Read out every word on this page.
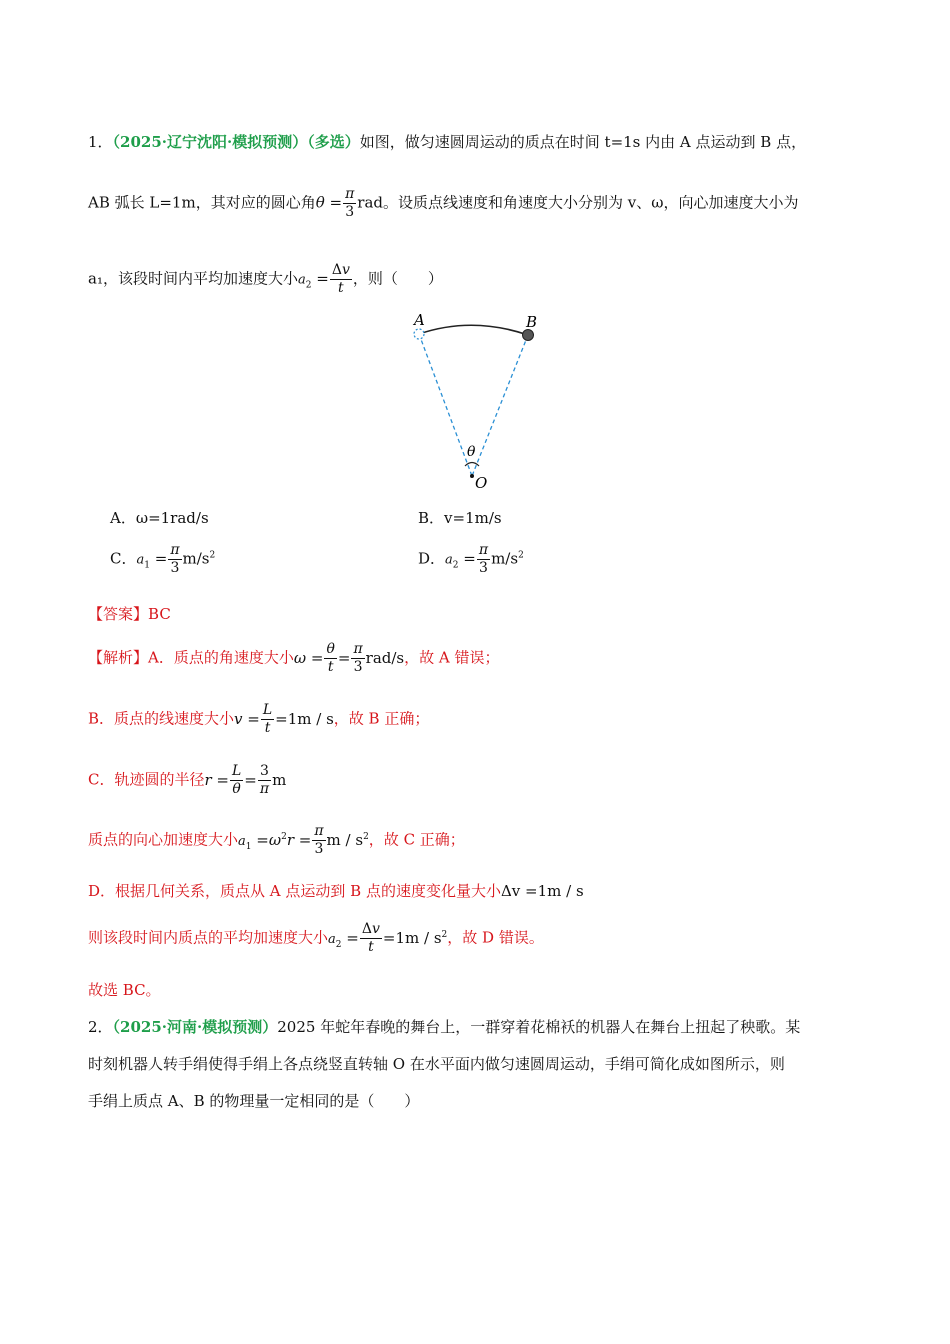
1．（2025·辽宁沈阳·模拟预测）（多选）如图，做匀速圆周运动的质点在时间 t=1s 内由 A 点运动到 B 点，
AB 弧长 L=1m，其对应的圆心角$\theta = \frac{\pi}{3}$ rad。设质点线速度和角速度大小分别为 v、ω，向心加速度大小为
a₁，该段时间内平均加速度大小$a_2 = \frac{\Delta v}{t}$ ，则（　　）
A	B
θ
O
A．ω=1rad/s	B．v=1m/s
C．$a_1 = \frac{\pi}{3} m/s^2$	D．$a_2 = \frac{\pi}{3} m/s^2$
【答案】BC
【解析】A．质点的角速度大小$\omega = \frac{\theta}{t} = \frac{\pi}{3} rad/s$，故 A 错误；
B．质点的线速度大小$v = \frac{L}{t} =1m / s$，故 B 正确；
C．轨迹圆的半径$r = \frac{L}{\theta} = \frac{3}{\pi}$ m
质点的向心加速度大小$a_1 =\omega^2r = \frac{\pi}{3}$ m / $s^2$，故 C 正确；
D．根据几何关系，质点从 A 点运动到 B 点的速度变化量大小Δv =1m / s
则该段时间内质点的平均加速度大小$a_2 = \frac{\Delta v}{t} =1m / s^2$，故 D 错误。
故选 BC。
2．（2025·河南·模拟预测）2025 年蛇年春晚的舞台上，一群穿着花棉袄的机器人在舞台上扭起了秧歌。某
时刻机器人转手绢使得手绢上各点绕竖直转轴 O 在水平面内做匀速圆周运动，手绢可简化成如图所示，则
手绢上质点 A、B 的物理量一定相同的是（　　）
